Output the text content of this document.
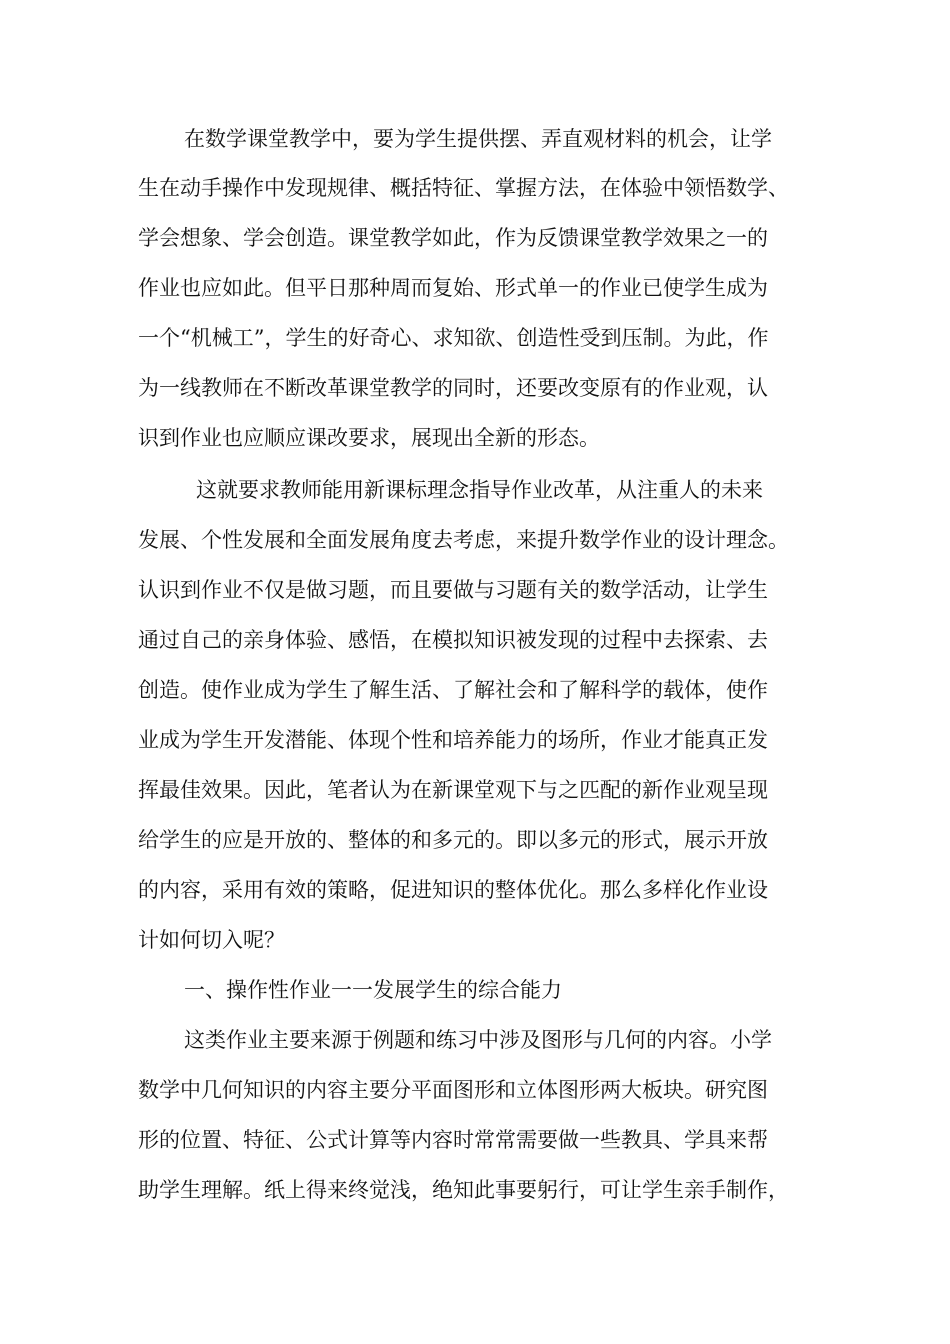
在数学课堂教学中，要为学生提供摆、弄直观材料的机会，让学

生在动手操作中发现规律、概括特征、掌握方法，在体验中领悟数学、

学会想象、学会创造。课堂教学如此，作为反馈课堂教学效果之一的

作业也应如此。但平日那种周而复始、形式单一的作业已使学生成为

一个“机械工”，学生的好奇心、求知欲、创造性受到压制。为此，作

为一线教师在不断改革课堂教学的同时，还要改变原有的作业观，认

识到作业也应顺应课改要求，展现出全新的形态。

这就要求教师能用新课标理念指导作业改革，从注重人的未来

发展、个性发展和全面发展角度去考虑，来提升数学作业的设计理念。

认识到作业不仅是做习题，而且要做与习题有关的数学活动，让学生

通过自己的亲身体验、感悟，在模拟知识被发现的过程中去探索、去

创造。使作业成为学生了解生活、了解社会和了解科学的载体，使作

业成为学生开发潜能、体现个性和培养能力的场所，作业才能真正发

挥最佳效果。因此，笔者认为在新课堂观下与之匹配的新作业观呈现

给学生的应是开放的、整体的和多元的。即以多元的形式，展示开放

的内容，采用有效的策略，促进知识的整体优化。那么多样化作业设

计如何切入呢？

一、操作性作业一一发展学生的综合能力

这类作业主要来源于例题和练习中涉及图形与几何的内容。小学

数学中几何知识的内容主要分平面图形和立体图形两大板块。研究图

形的位置、特征、公式计算等内容时常常需要做一些教具、学具来帮

助学生理解。纸上得来终觉浅，绝知此事要躬行，可让学生亲手制作，
